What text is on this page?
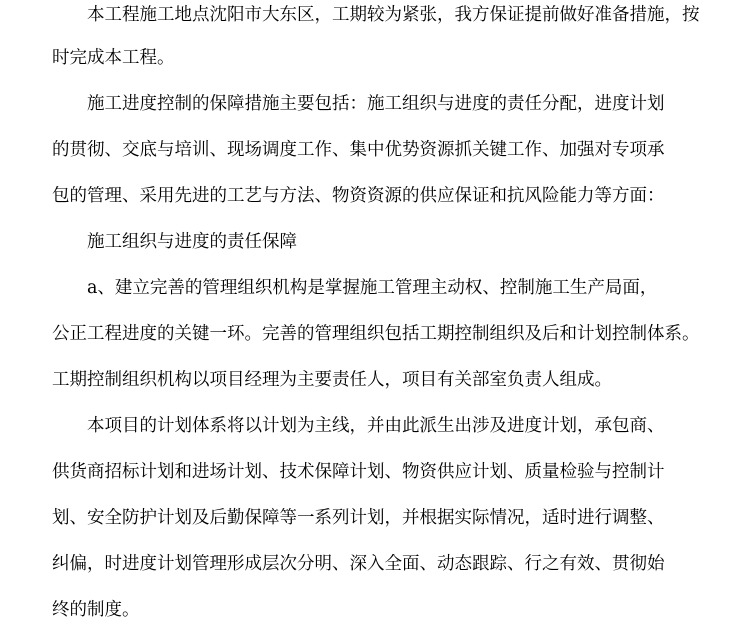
本工程施工地点沈阳市大东区，工期较为紧张，我方保证提前做好准备措施，按
时完成本工程。
施工进度控制的保障措施主要包括：施工组织与进度的责任分配，进度计划
的贯彻、交底与培训、现场调度工作、集中优势资源抓关键工作、加强对专项承
包的管理、采用先进的工艺与方法、物资资源的供应保证和抗风险能力等方面：
施工组织与进度的责任保障
a、建立完善的管理组织机构是掌握施工管理主动权、控制施工生产局面，
公正工程进度的关键一环。完善的管理组织包括工期控制组织及后和计划控制体系。
工期控制组织机构以项目经理为主要责任人，项目有关部室负责人组成。
本项目的计划体系将以计划为主线，并由此派生出涉及进度计划，承包商、
供货商招标计划和进场计划、技术保障计划、物资供应计划、质量检验与控制计
划、安全防护计划及后勤保障等一系列计划，并根据实际情况，适时进行调整、
纠偏，时进度计划管理形成层次分明、深入全面、动态跟踪、行之有效、贯彻始
终的制度。
